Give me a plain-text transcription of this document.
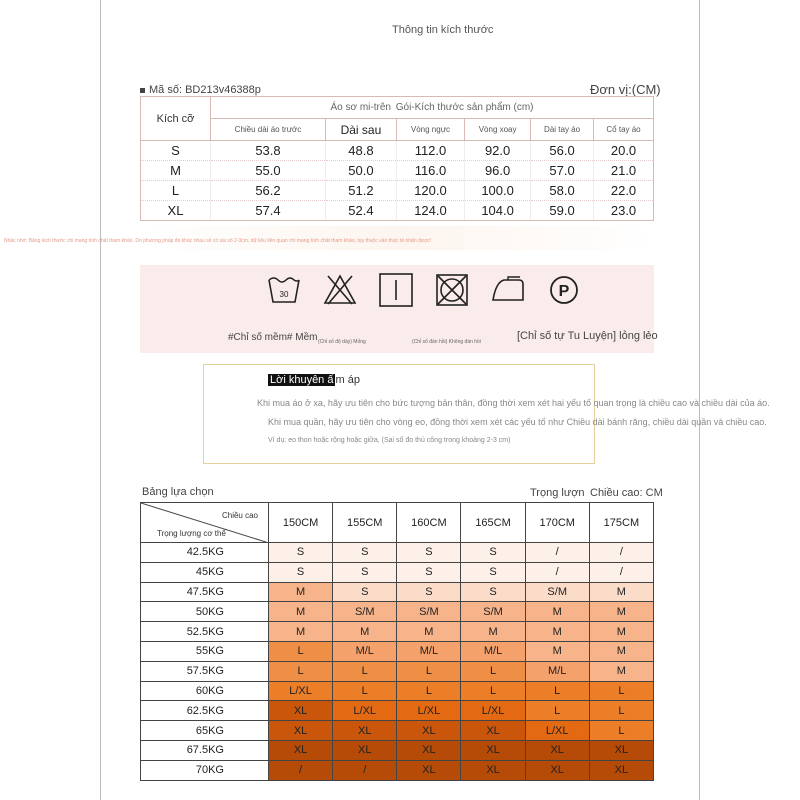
Thông tin kích thước
Mã số: BD213v46388p	Đơn vị:(CM)
Kích cỡ	Áo sơ mi-trên Gói-Kích thước sản phẩm (cm)					
	Chiều dài áo trước	Dài sau	Vòng ngực	Vòng xoay	Dài tay áo	Cổ tay áo
S	53.8	48.8	112.0	92.0	56.0	20.0
M	55.0	50.0	116.0	96.0	57.0	21.0
L	56.2	51.2	120.0	100.0	58.0	22.0
XL	57.4	52.4	124.0	104.0	59.0	23.0
Nhắc nhở: Bảng kích thước chỉ mang tính chất tham khảo. Do phương pháp đo khác nhau sẽ có sai số 2-3cm, dữ liệu liên quan chỉ mang tính chất tham khảo, tùy thuộc vào thực tế nhận được!
30	P
#Chỉ số mềm# Mềm (Chỉ số độ dày) Mỏng	(Chỉ số đàn hồi) Không đàn hồi	[Chỉ số tự Tu Luyện] lỏng lẻo
Lời khuyên ấ m áp
Khi mua áo ở xa, hãy ưu tiên cho bức tượng bản thân, đồng thời xem xét hai yếu tố quan trọng là chiều cao và chiều dài của áo.
Khi mua quần, hãy ưu tiên cho vòng eo, đồng thời xem xét các yếu tố như Chiều dài bánh răng, chiều dài quần và chiều cao.
Ví dụ: eo thon hoặc rộng hoặc giữa, (Sai số đo thủ công trong khoảng 2-3 cm)
Bảng lựa chọn	Trọng lượn Chiều cao: CM
Chiều cao
Trọng lượng cơ thể	150CM	155CM	160CM	165CM	170CM	175CM
42.5KG	S	S	S	S	/	/
45KG	S	S	S	S	/	/
47.5KG	M	S	S	S	S/M	M
50KG	M	S/M	S/M	S/M	M	M
52.5KG	M	M	M	M	M	M
55KG	L	M/L	M/L	M/L	M	M
57.5KG	L	L	L	L	M/L	M
60KG	L/XL	L	L	L	L	L
62.5KG	XL	L/XL	L/XL	L/XL	L	L
65KG	XL	XL	XL	XL	L/XL	L
67.5KG	XL	XL	XL	XL	XL	XL
70KG	/	/	XL	XL	XL	XL
